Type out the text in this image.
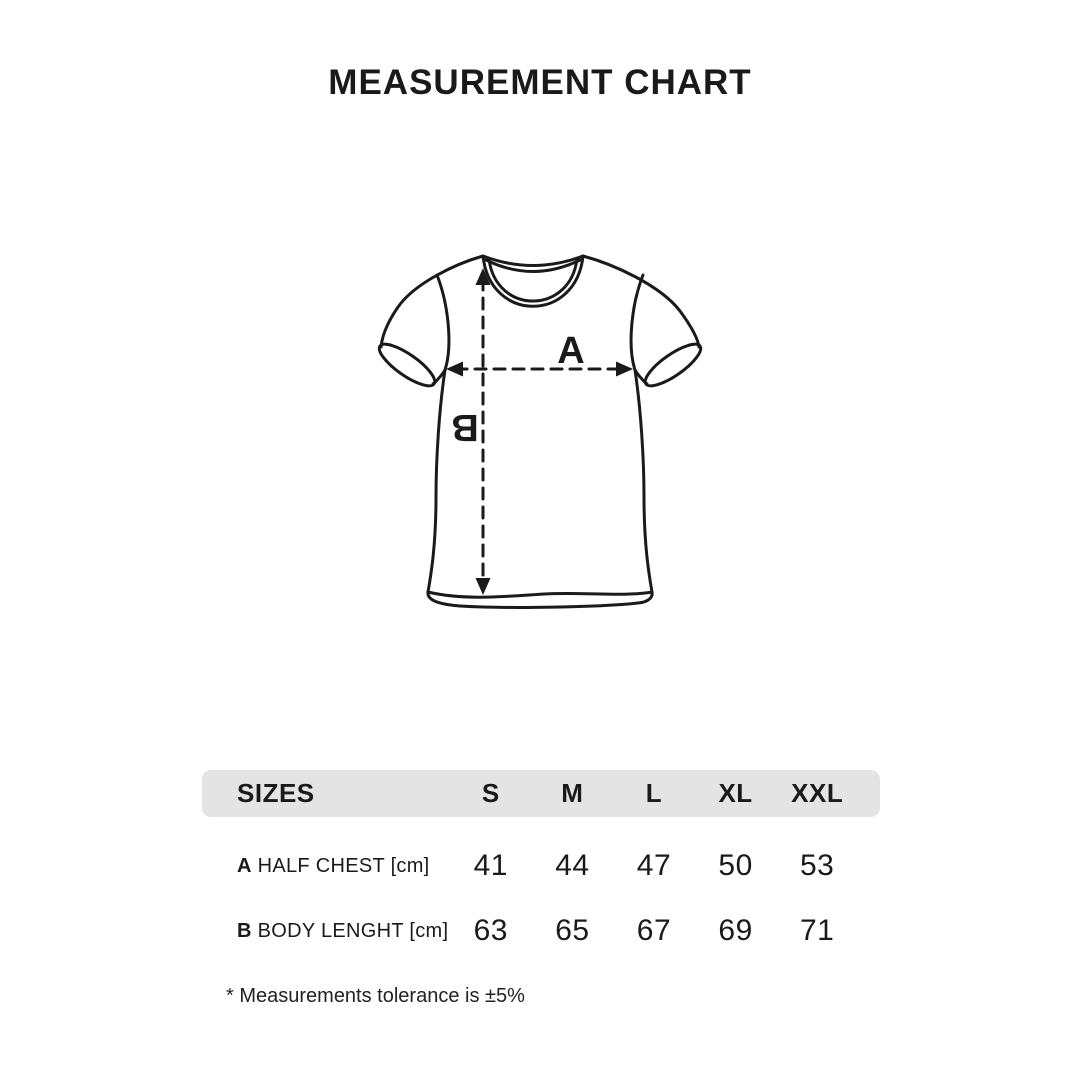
MEASUREMENT CHART
A
B
SIZES	S	M	L	XL	XXL
A HALF CHEST [cm]	41	44	47	50	53
B BODY LENGHT [cm] 63	65	67	69	71
* Measurements tolerance is ±5%
